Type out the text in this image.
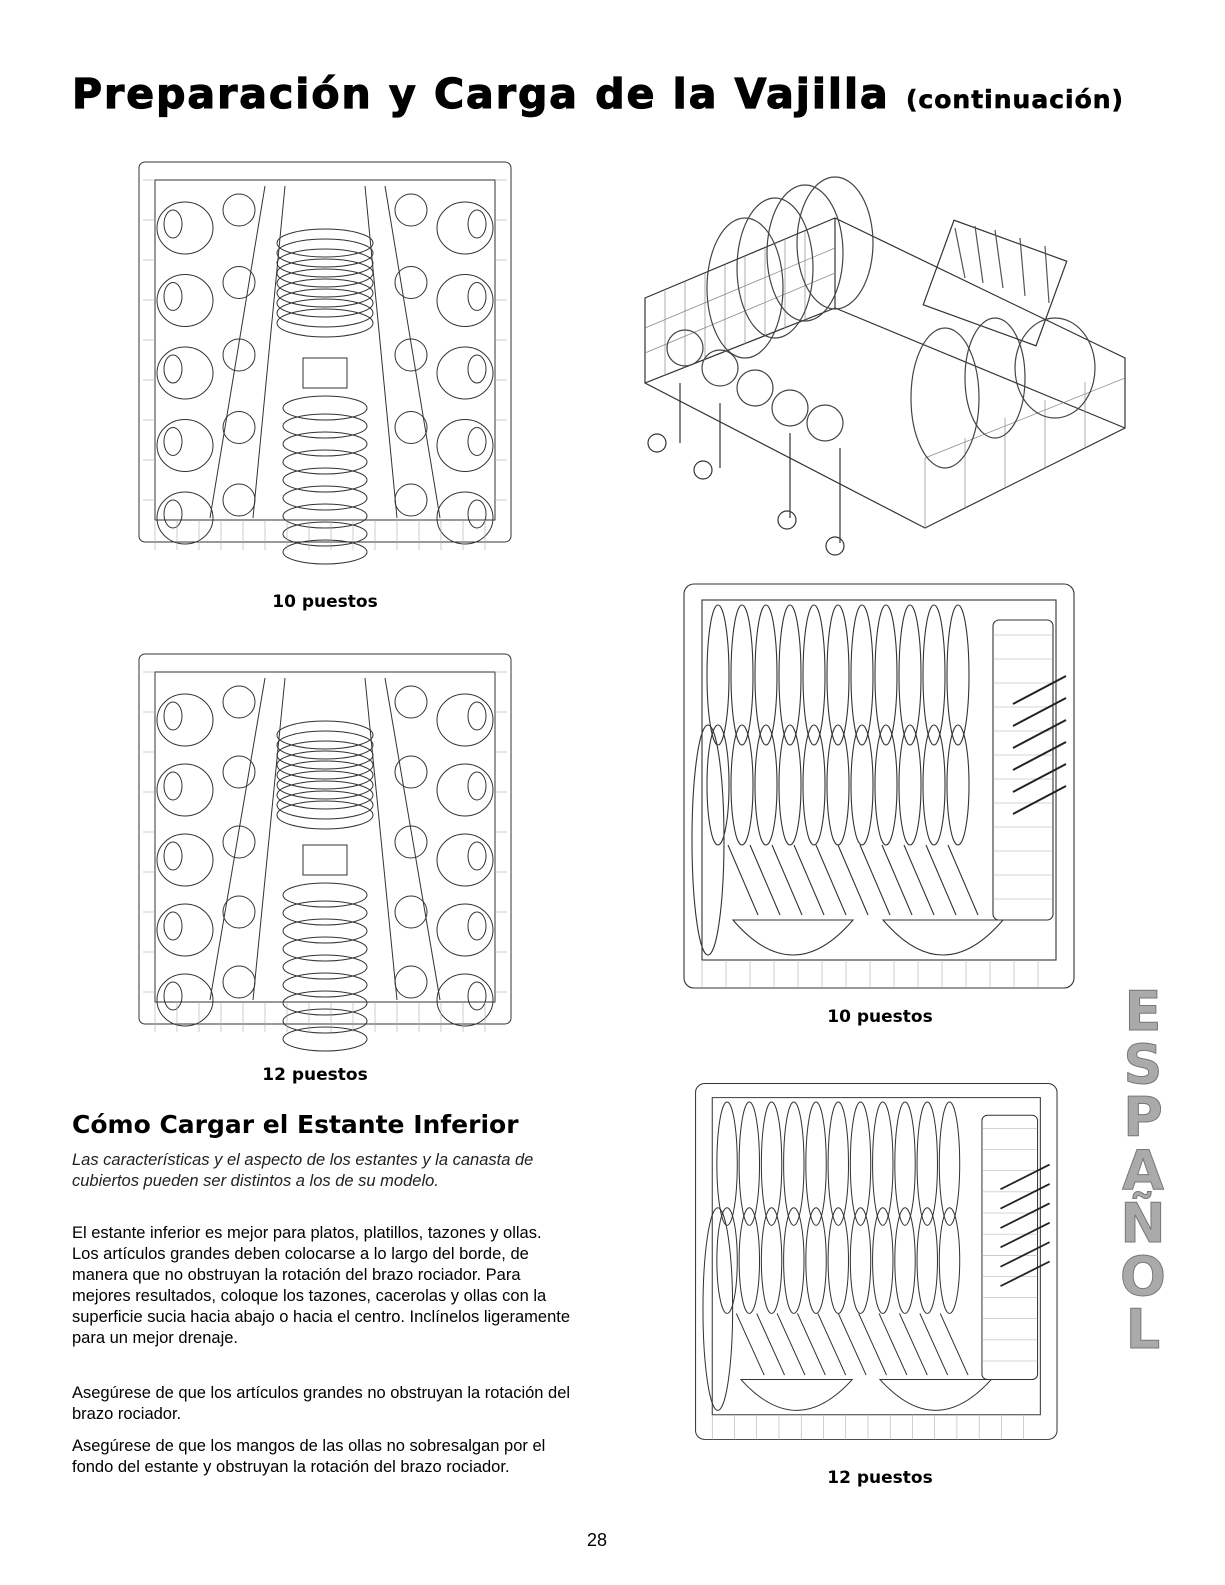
Preparación y Carga de la Vajilla (continuación)
10 puestos
12 puestos
10 puestos
12 puestos
Cómo Cargar el Estante Inferior

Las características y el aspecto de los estantes y la canasta de cubiertos pueden ser distintos a los de su modelo.

El estante inferior es mejor para platos, platillos, tazones y ollas. Los artículos grandes deben colocarse a lo largo del borde, de manera que no obstruyan la rotación del brazo rociador. Para mejores resultados, coloque los tazones, cacerolas y ollas con la superficie sucia hacia abajo o hacia el centro. Inclínelos ligeramente para un mejor drenaje.

Asegúrese de que los artículos grandes no obstruyan la rotación del brazo rociador.

Asegúrese de que los mangos de las ollas no sobresalgan por el fondo del estante y obstruyan la rotación del brazo rociador.

28
E
S
P
A
Ñ
O
L
